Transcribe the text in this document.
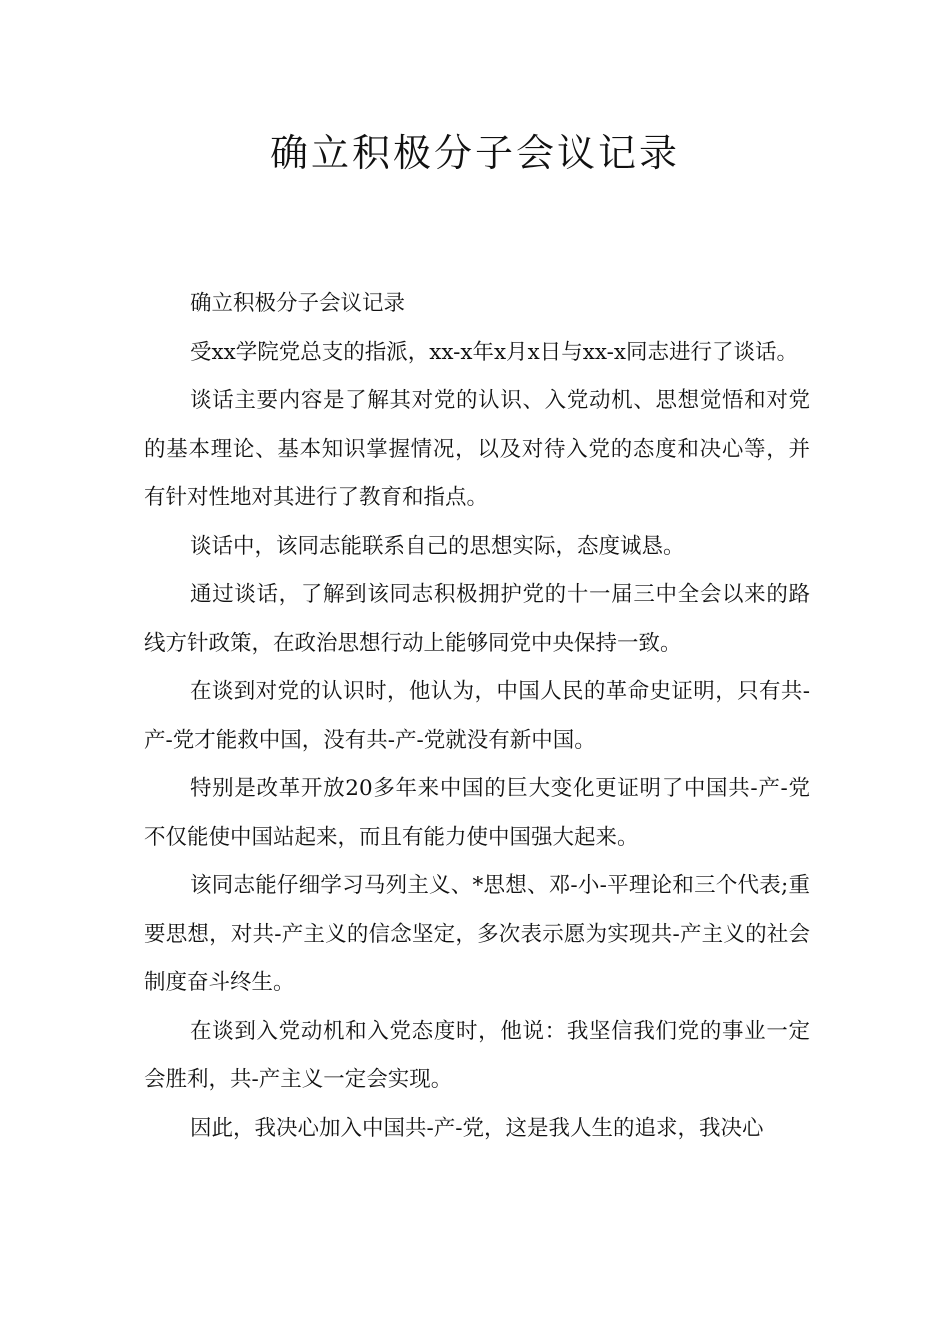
确立积极分子会议记录

确立积极分子会议记录

受xx学院党总支的指派，xx-x年x月x日与xx-x同志进行了谈话。

谈话主要内容是了解其对党的认识、入党动机、思想觉悟和对党的基本理论、基本知识掌握情况，以及对待入党的态度和决心等，并有针对性地对其进行了教育和指点。

谈话中，该同志能联系自己的思想实际，态度诚恳。

通过谈话，了解到该同志积极拥护党的十一届三中全会以来的路线方针政策，在政治思想行动上能够同党中央保持一致。

在谈到对党的认识时，他认为，中国人民的革命史证明，只有共-产-党才能救中国，没有共-产-党就没有新中国。

特别是改革开放20多年来中国的巨大变化更证明了中国共-产-党不仅能使中国站起来，而且有能力使中国强大起来。

该同志能仔细学习马列主义、*思想、邓-小-平理论和三个代表;重要思想，对共-产主义的信念坚定，多次表示愿为实现共-产主义的社会制度奋斗终生。

在谈到入党动机和入党态度时，他说：我坚信我们党的事业一定会胜利，共-产主义一定会实现。

因此，我决心加入中国共-产-党，这是我人生的追求，我决心
